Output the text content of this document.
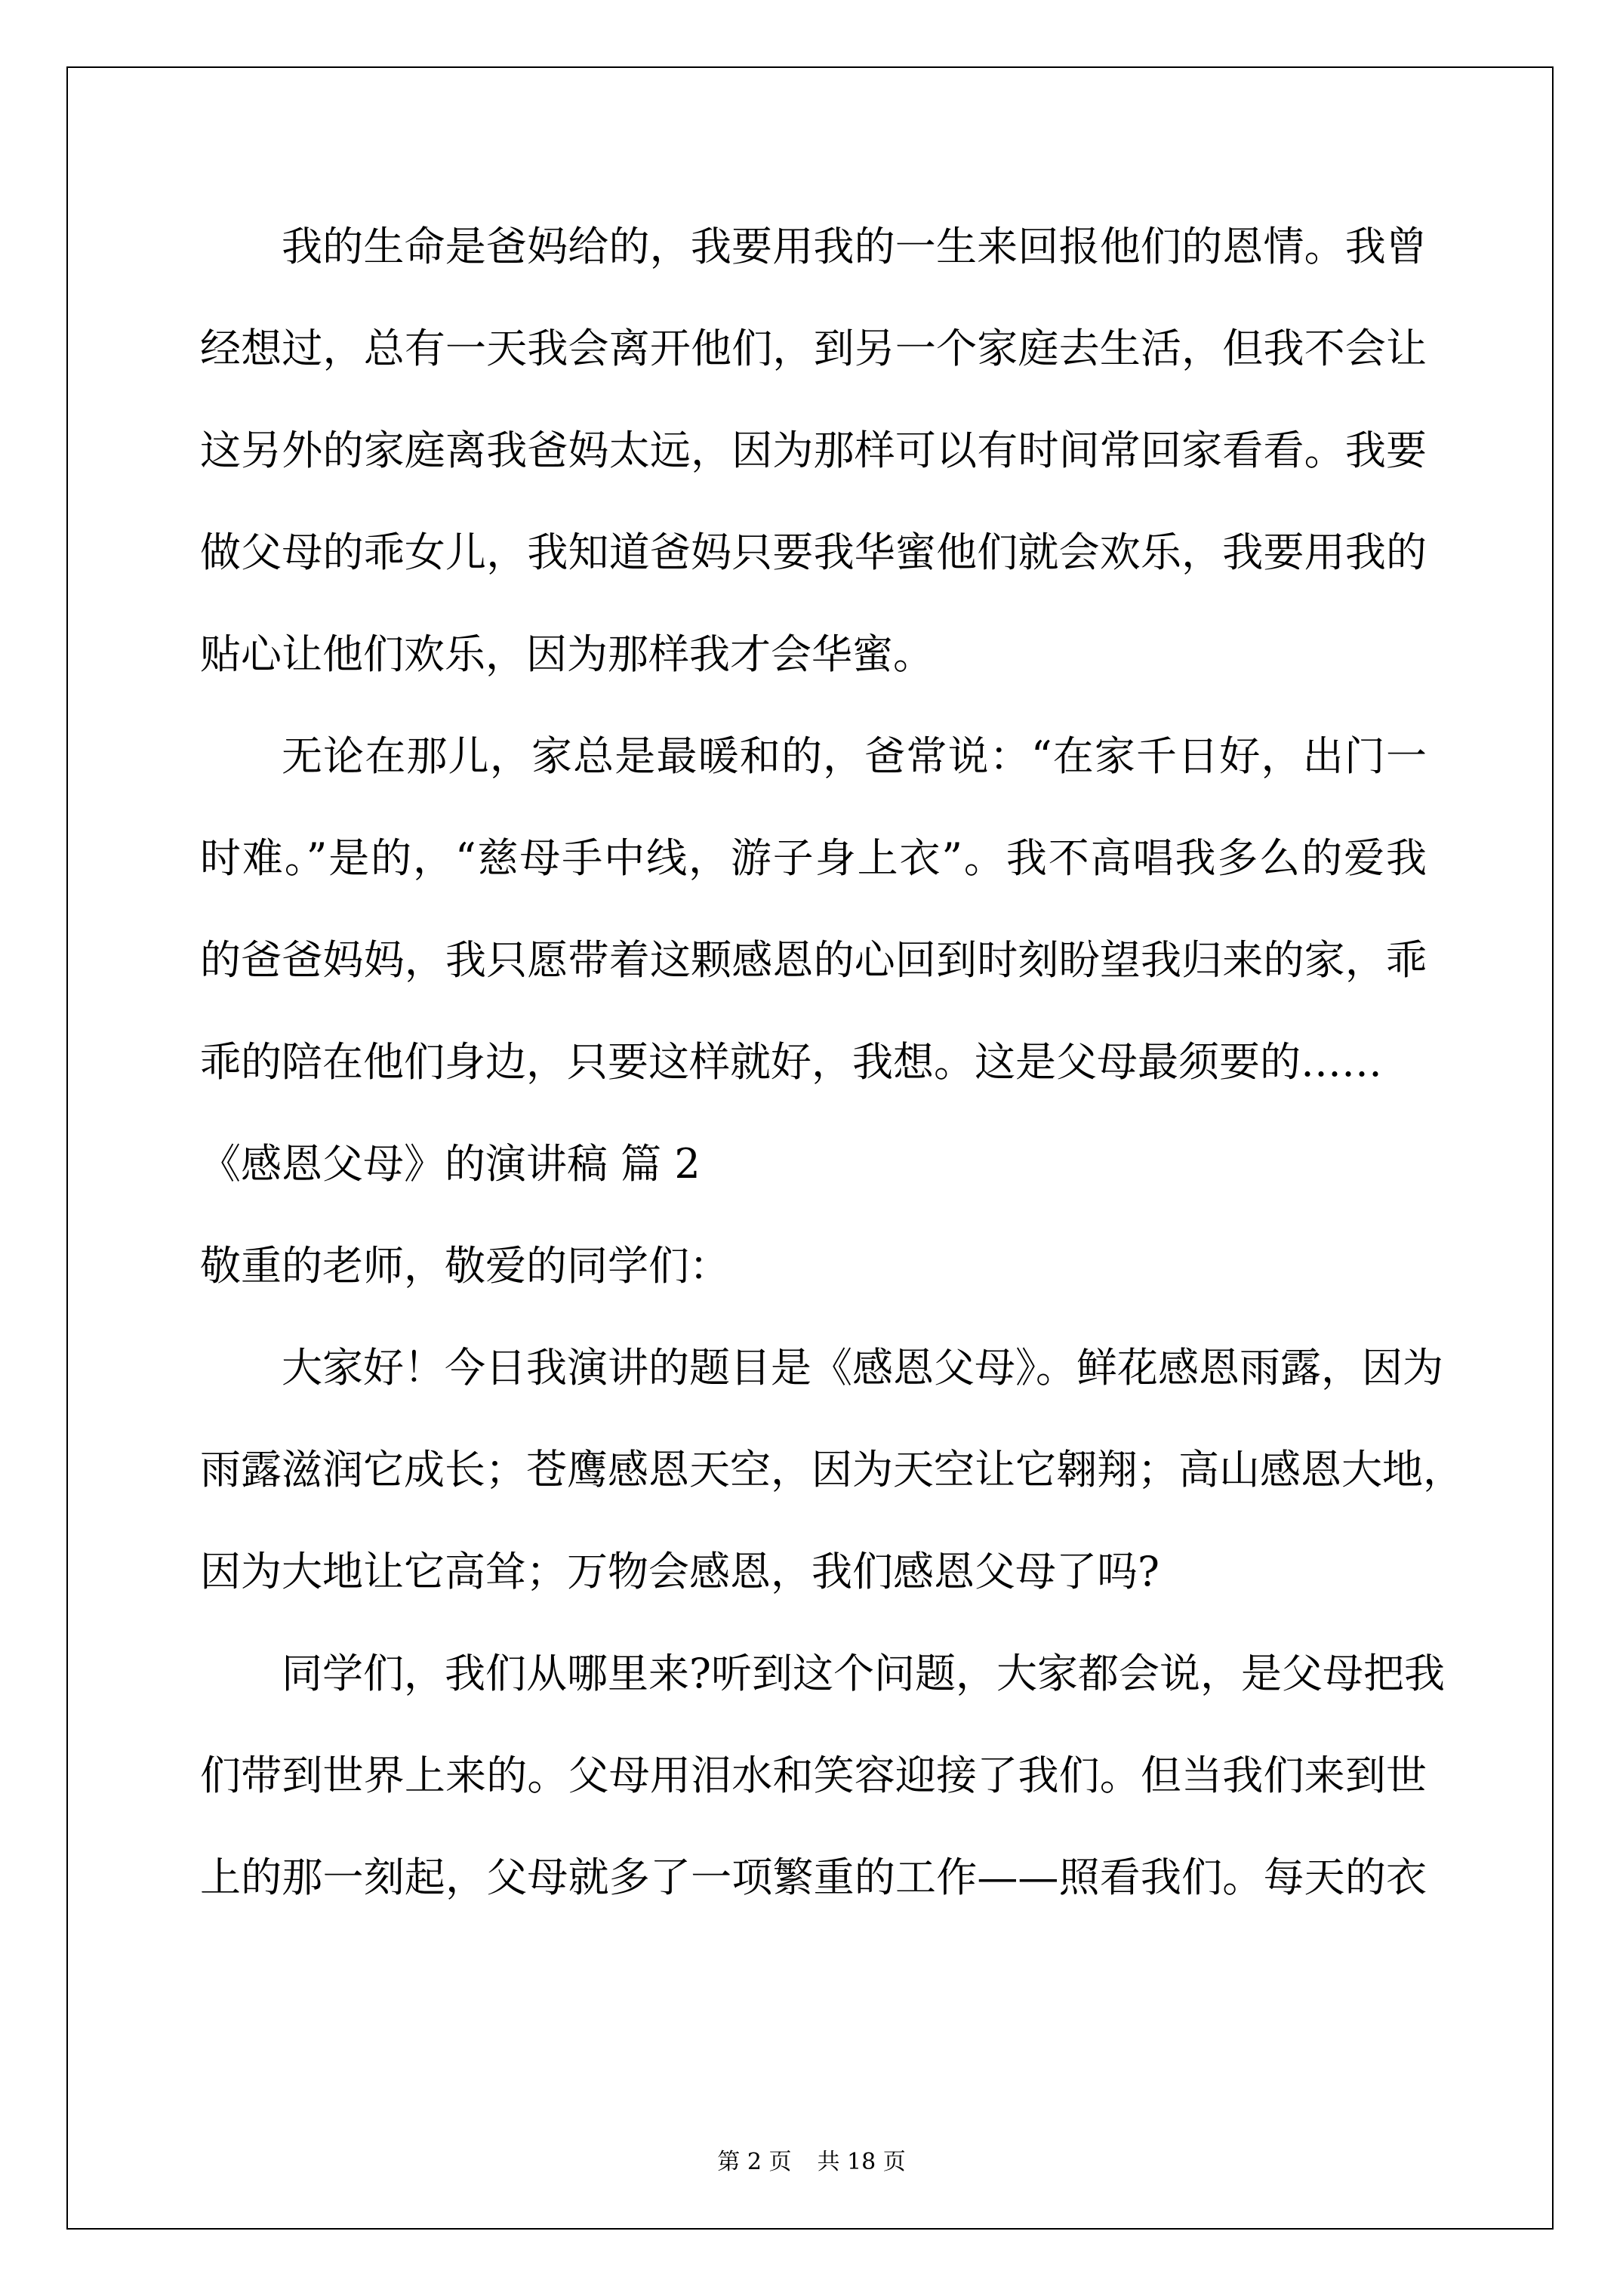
我的生命是爸妈给的，我要用我的一生来回报他们的恩情。我曾
经想过，总有一天我会离开他们，到另一个家庭去生活，但我不会让
这另外的家庭离我爸妈太远，因为那样可以有时间常回家看看。我要
做父母的乖女儿，我知道爸妈只要我华蜜他们就会欢乐，我要用我的
贴心让他们欢乐，因为那样我才会华蜜。
无论在那儿，家总是最暖和的，爸常说：“在家千日好，出门一
时难。”是的，“慈母手中线，游子身上衣”。我不高唱我多么的爱我
的爸爸妈妈，我只愿带着这颗感恩的心回到时刻盼望我归来的家，乖
乖的陪在他们身边，只要这样就好，我想。这是父母最须要的……
《感恩父母》的演讲稿 篇 2
敬重的老师，敬爱的同学们：
大家好！今日我演讲的题目是《感恩父母》。鲜花感恩雨露，因为
雨露滋润它成长；苍鹰感恩天空，因为天空让它翱翔；高山感恩大地，
因为大地让它高耸；万物会感恩，我们感恩父母了吗?
同学们，我们从哪里来?听到这个问题，大家都会说，是父母把我
们带到世界上来的。父母用泪水和笑容迎接了我们。但当我们来到世
上的那一刻起，父母就多了一项繁重的工作——照看我们。每天的衣
第 2 页 共 18 页
